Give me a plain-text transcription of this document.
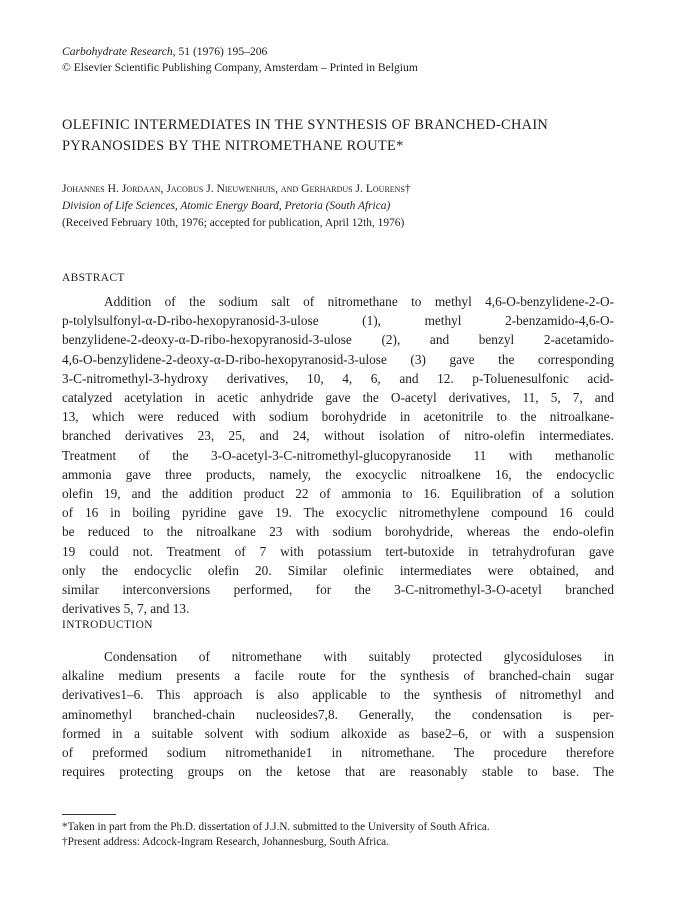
Carbohydrate Research, 51 (1976) 195–206
© Elsevier Scientific Publishing Company, Amsterdam – Printed in Belgium
OLEFINIC INTERMEDIATES IN THE SYNTHESIS OF BRANCHED-CHAIN PYRANOSIDES BY THE NITROMETHANE ROUTE*
Johannes H. Jordaan, Jacobus J. Nieuwenhuis, and Gerhardus J. Lourens†
Division of Life Sciences, Atomic Energy Board, Pretoria (South Africa)
(Received February 10th, 1976; accepted for publication, April 12th, 1976)
ABSTRACT
Addition of the sodium salt of nitromethane to methyl 4,6-O-benzylidene-2-O-
p-tolylsulfonyl-α-D-ribo-hexopyranosid-3-ulose (1), methyl 2-benzamido-4,6-O-
benzylidene-2-deoxy-α-D-ribo-hexopyranosid-3-ulose (2), and benzyl 2-acetamido-
4,6-O-benzylidene-2-deoxy-α-D-ribo-hexopyranosid-3-ulose (3) gave the corresponding
3-C-nitromethyl-3-hydroxy derivatives, 10, 4, 6, and 12. p-Toluenesulfonic acid-
catalyzed acetylation in acetic anhydride gave the O-acetyl derivatives, 11, 5, 7, and
13, which were reduced with sodium borohydride in acetonitrile to the nitroalkane-
branched derivatives 23, 25, and 24, without isolation of nitro-olefin intermediates.
Treatment of the 3-O-acetyl-3-C-nitromethyl-glucopyranoside 11 with methanolic
ammonia gave three products, namely, the exocyclic nitroalkene 16, the endocyclic
olefin 19, and the addition product 22 of ammonia to 16. Equilibration of a solution
of 16 in boiling pyridine gave 19. The exocyclic nitromethylene compound 16 could
be reduced to the nitroalkane 23 with sodium borohydride, whereas the endo-olefin
19 could not. Treatment of 7 with potassium tert-butoxide in tetrahydrofuran gave
only the endocyclic olefin 20. Similar olefinic intermediates were obtained, and
similar interconversions performed, for the 3-C-nitromethyl-3-O-acetyl branched
derivatives 5, 7, and 13.
INTRODUCTION
Condensation of nitromethane with suitably protected glycosiduloses in
alkaline medium presents a facile route for the synthesis of branched-chain sugar
derivatives1–6. This approach is also applicable to the synthesis of nitromethyl and
aminomethyl branched-chain nucleosides7,8. Generally, the condensation is per-
formed in a suitable solvent with sodium alkoxide as base2–6, or with a suspension
of preformed sodium nitromethanide1 in nitromethane. The procedure therefore
requires protecting groups on the ketose that are reasonably stable to base. The
*Taken in part from the Ph.D. dissertation of J.J.N. submitted to the University of South Africa.
†Present address: Adcock-Ingram Research, Johannesburg, South Africa.
